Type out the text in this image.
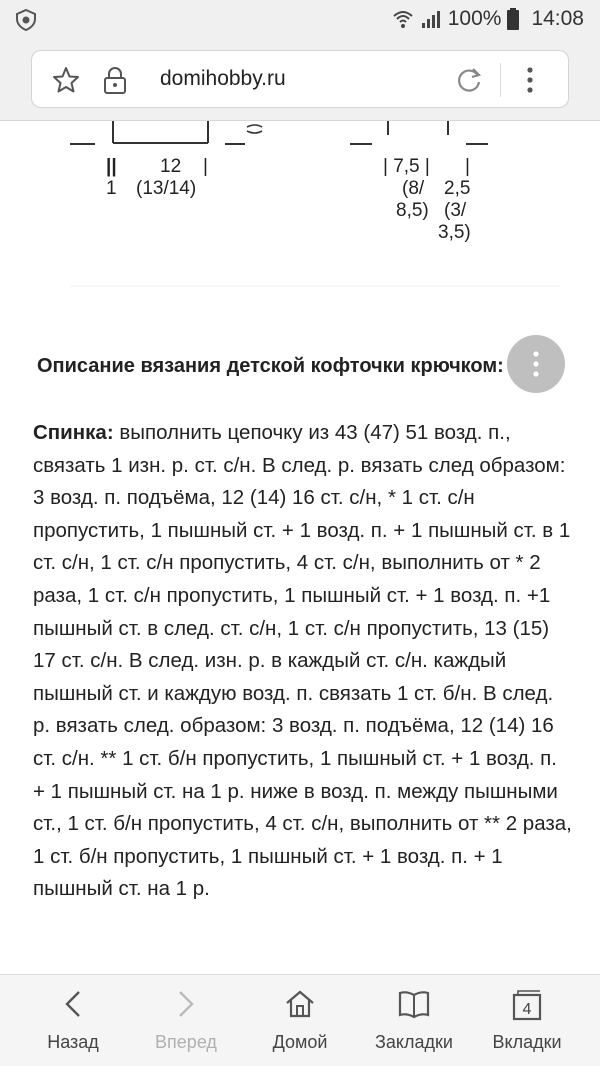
100% 14:08
domihobby.ru
||
1
12
(13/14)
|	| 7,5 | |
(8/ 2,5
8,5) (3/
3,5)
Описание вязания детской кофточки крючком:

Спинка: выполнить цепочку из 43 (47) 51 возд. п., связать 1 изн. р. ст. с/н. В след. р. вязать след образом: 3 возд. п. подъёма, 12 (14) 16 ст. с/н, * 1 ст. с/н пропустить, 1 пышный ст. + 1 возд. п. + 1 пышный ст. в 1 ст. с/н, 1 ст. с/н пропустить, 4 ст. с/н, выполнить от * 2 раза, 1 ст. с/н пропустить, 1 пышный ст. + 1 возд. п. +1 пышный ст. в след. ст. с/н, 1 ст. с/н пропустить, 13 (15) 17 ст. с/н. В след. изн. р. в каждый ст. с/н. каждый пышный ст. и каждую возд. п. связать 1 ст. б/н. В след. р. вязать след. образом: 3 возд. п. подъёма, 12 (14) 16 ст. с/н. ** 1 ст. б/н пропустить, 1 пышный ст. + 1 возд. п. + 1 пышный ст. на 1 р. ниже в возд. п. между пышными ст., 1 ст. б/н пропустить, 4 ст. с/н, выполнить от ** 2 раза, 1 ст. б/н пропустить, 1 пышный ст. + 1 возд. п. + 1 пышный ст. на 1 р.

Назад	Вперед	Домой	Закладки
4
Вкладки
